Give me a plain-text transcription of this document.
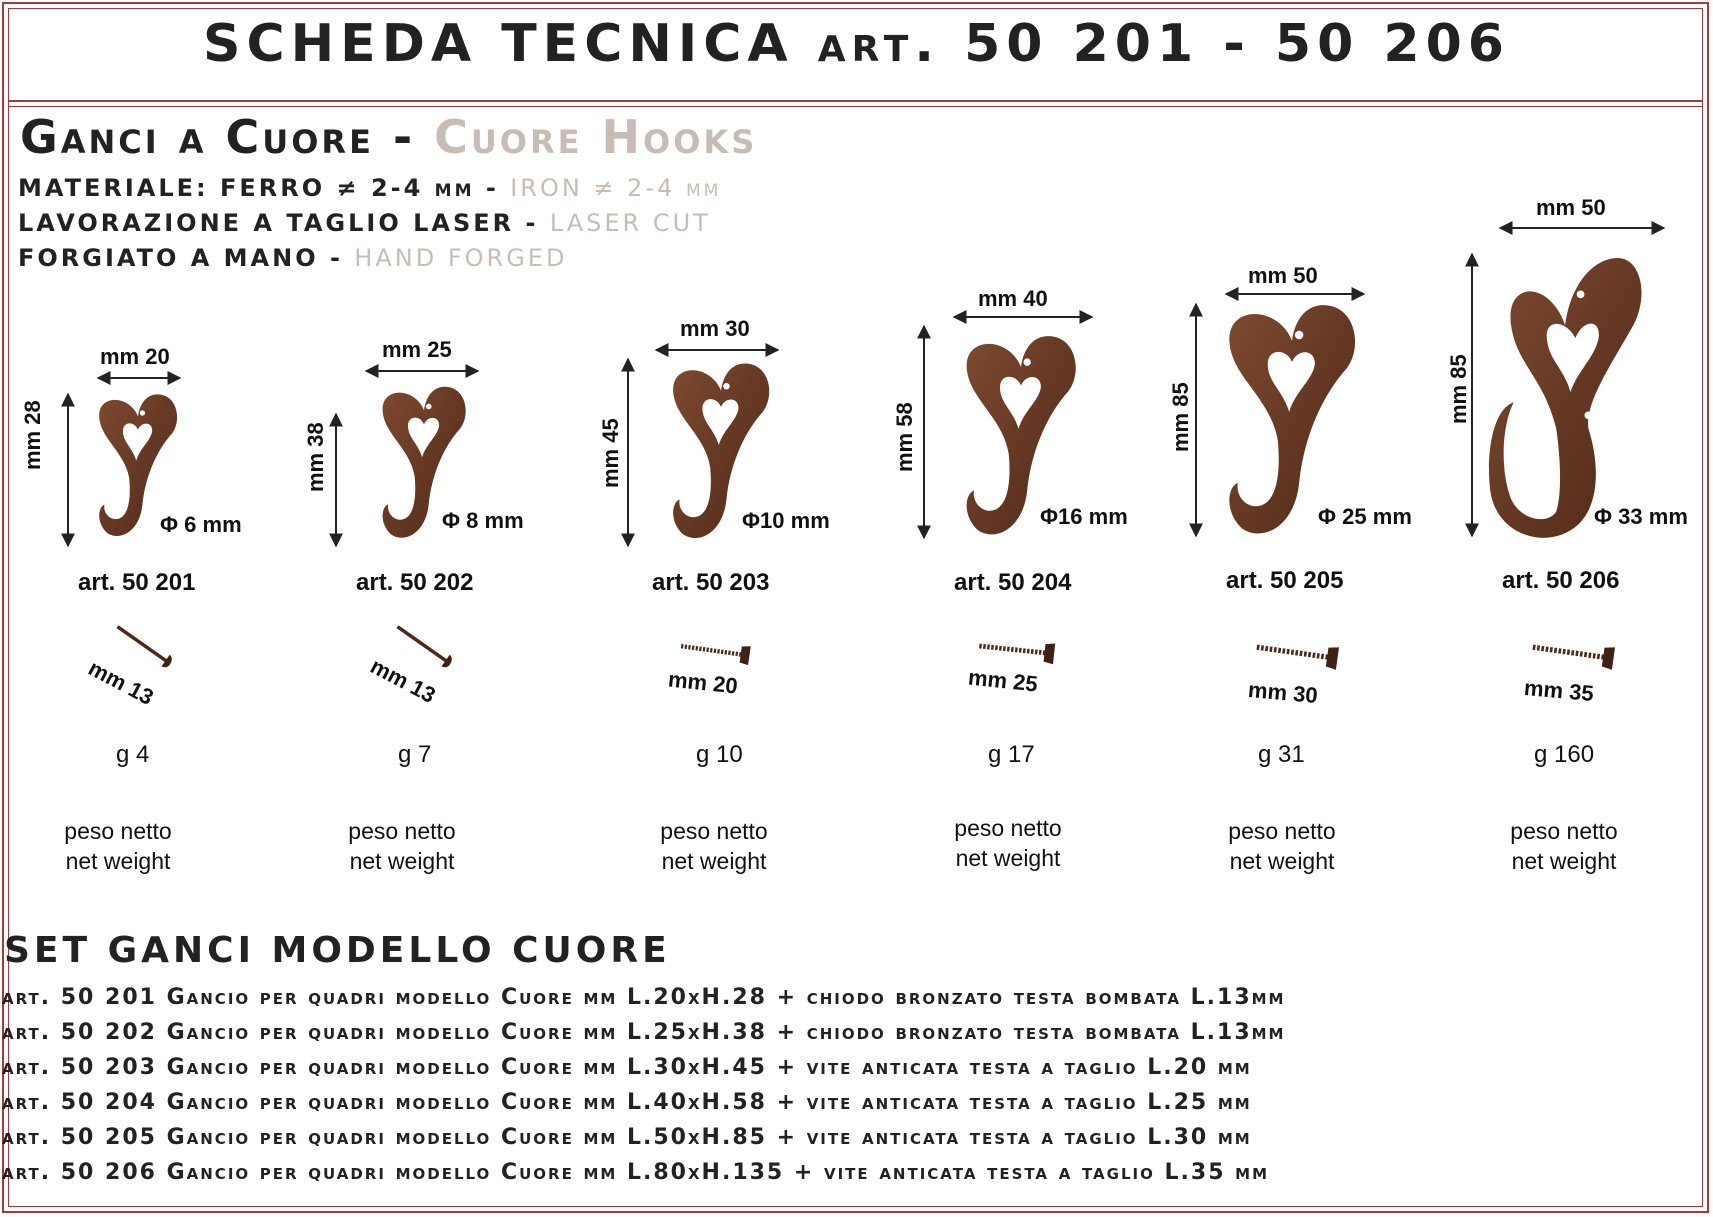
SCHEDA TECNICA art. 50 201 - 50 206
Ganci a Cuore - Cuore Hooks
MATERIALE: FERRO ≠ 2-4 mm - IRON ≠ 2-4 mm
LAVORAZIONE A TAGLIO LASER - LASER CUT
FORGIATO A MANO - HAND FORGED
mm 20
mm 28
Φ 6 mm
art. 50 201
mm 13
g 4
peso netto
net weight
mm 25
mm 38
Φ 8 mm
art. 50 202
mm 13
g 7
peso netto
net weight
mm 30
mm 45
Φ10 mm
art. 50 203
mm 20
g 10
peso netto
net weight
mm 40
mm 58
Φ16 mm
art. 50 204
mm 25
g 17
peso netto
net weight
mm 50
mm 85
Φ 25 mm
art. 50 205
mm 30
g 31
peso netto
net weight
mm 50
mm 85
Φ 33 mm
art. 50 206
mm 35
g 160
peso netto
net weight
SET GANCI MODELLO CUORE
art. 50 201 Gancio per quadri modello Cuore mm L.20xH.28 + chiodo bronzato testa bombata L.13mm
art. 50 202 Gancio per quadri modello Cuore mm L.25xH.38 + chiodo bronzato testa bombata L.13mm
art. 50 203 Gancio per quadri modello Cuore mm L.30xH.45 + vite anticata testa a taglio L.20 mm
art. 50 204 Gancio per quadri modello Cuore mm L.40xH.58 + vite anticata testa a taglio L.25 mm
art. 50 205 Gancio per quadri modello Cuore mm L.50xH.85 + vite anticata testa a taglio L.30 mm
art. 50 206 Gancio per quadri modello Cuore mm L.80xH.135 + vite anticata testa a taglio L.35 mm
